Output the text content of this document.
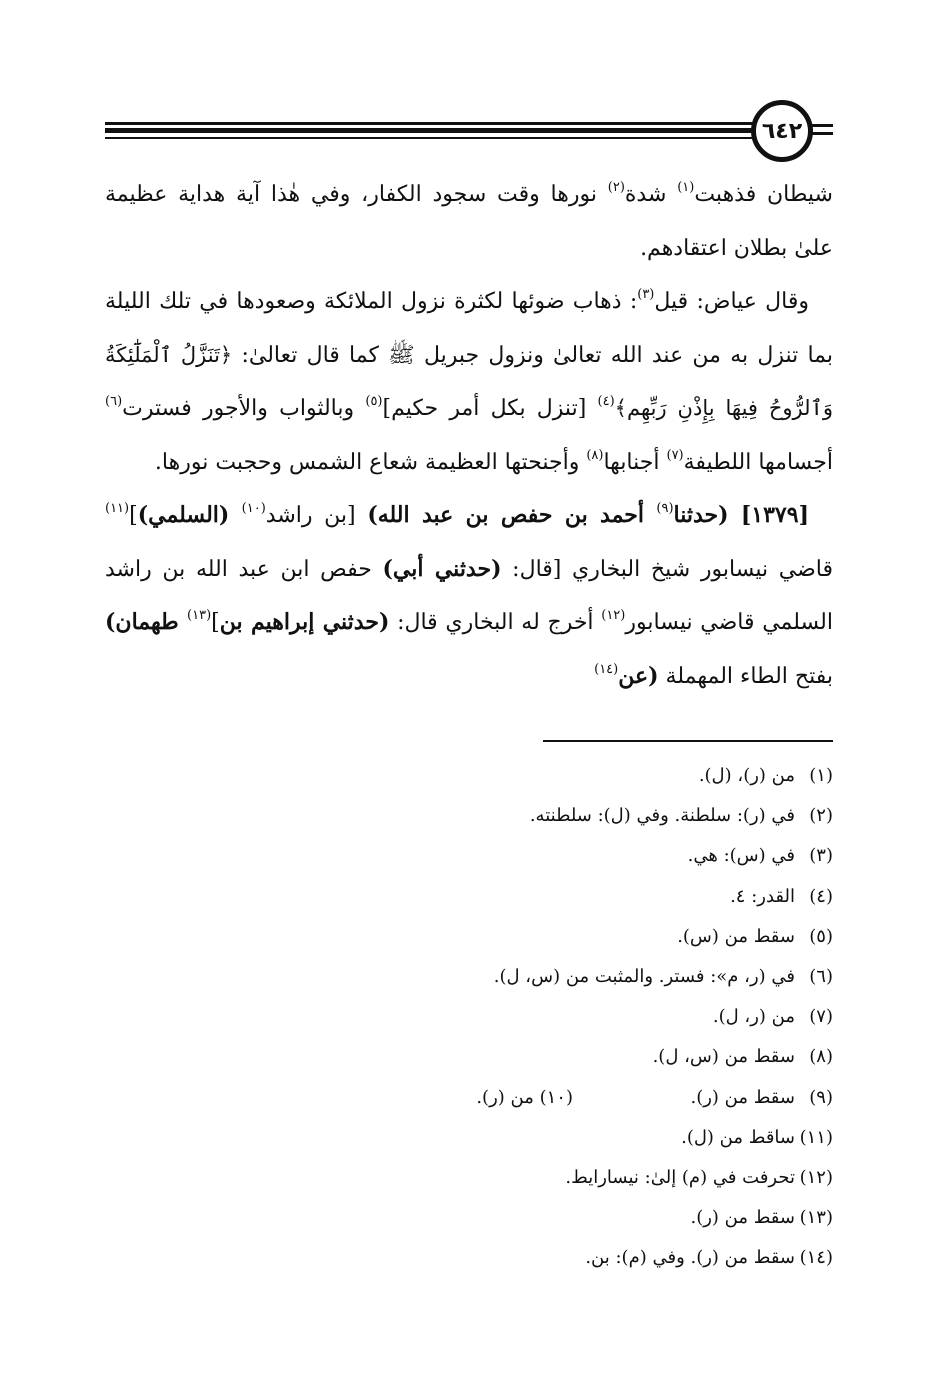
٦٤٢

شيطان فذهبت$^{(١)}$ شدة$^{(٢)}$ نورها وقت سجود الكفار، وفي هٰذا آية هداية عظيمة علىٰ بطلان اعتقادهم.

وقال عياض: قيل$^{(٣)}$: ذهاب ضوئها لكثرة نزول الملائكة وصعودها في تلك الليلة بما تنزل به من عند الله تعالىٰ ونزول جبريل ﷺ كما قال تعالىٰ: ﴿تَنَزَّلُ ٱلْمَلَٰٓئِكَةُ وَٱلرُّوحُ فِيهَا بِإِذْنِ رَبِّهِم﴾$^{(٤)}$ [تنزل بكل أمر حكيم]$^{(٥)}$ وبالثواب والأجور فسترت$^{(٦)}$ أجسامها اللطيفة$^{(٧)}$ أجنابها$^{(٨)}$ وأجنحتها العظيمة شعاع الشمس وحجبت نورها.

[١٣٧٩] (حدثنا$^{(٩)}$ أحمد بن حفص بن عبد الله) [بن راشد$^{(١٠)}$ (السلمي)]$^{(١١)}$ قاضي نيسابور شيخ البخاري [قال: (حدثني أبي) حفص ابن عبد الله بن راشد السلمي قاضي نيسابور$^{(١٢)}$ أخرج له البخاري قال: (حدثني إبراهيم بن]$^{(١٣)}$ طهمان) بفتح الطاء المهملة (عن$^{(١٤)}$

(١)من (ر)، (ل).
(٢)في (ر): سلطنة. وفي (ل): سلطنته.
(٣)في (س): هي.
(٤)القدر: ٤.
(٥)سقط من (س).
(٦)في (ر، م»: فستر. والمثبت من (س، ل).
(٧)من (ر، ل).
(٨)سقط من (س، ل).
(٩)سقط من (ر).(١٠) من (ر).
(١١)ساقط من (ل).
(١٢)تحرفت في (م) إلىٰ: نيسارايط.
(١٣)سقط من (ر).
(١٤)سقط من (ر). وفي (م): بن.
